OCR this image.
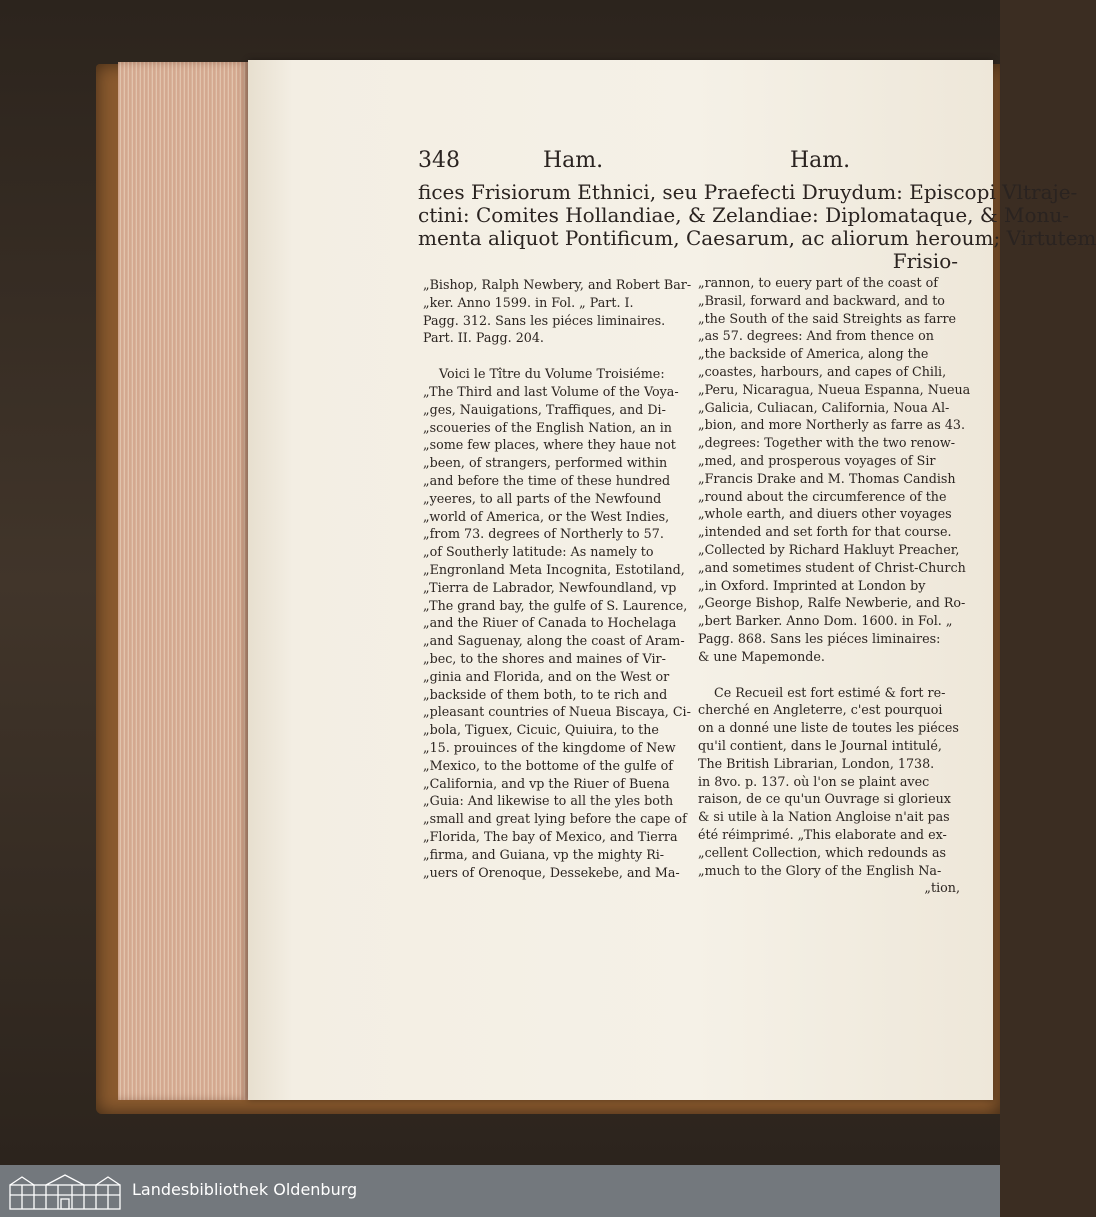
348	Ham.	Ham.
fices Frisiorum Ethnici, seu Praefecti Druydum: Episcopi Vltraje-
ctini: Comites Hollandiae, & Zelandiae: Diplomataque, & Monu-
menta aliquot Pontificum, Caesarum, ac aliorum heroum; Virtutem
Frisio-
„Bishop, Ralph Newbery, and Robert Bar-
„ker. Anno 1599. in Fol. „ Part. I.
Pagg. 312. Sans les piéces liminaires.
Part. II. Pagg. 204.
Voici le Tître du Volume Troisiéme:
„The Third and last Volume of the Voya-
„ges, Nauigations, Traffiques, and Di-
„scoueries of the English Nation, an in
„some few places, where they haue not
„been, of strangers, performed within
„and before the time of these hundred
„yeeres, to all parts of the Newfound
„world of America, or the West Indies,
„from 73. degrees of Northerly to 57.
„of Southerly latitude: As namely to
„Engronland Meta Incognita, Estotiland,
„Tierra de Labrador, Newfoundland, vp
„The grand bay, the gulfe of S. Laurence,
„and the Riuer of Canada to Hochelaga
„and Saguenay, along the coast of Aram-
„bec, to the shores and maines of Vir-
„ginia and Florida, and on the West or
„backside of them both, to te rich and
„pleasant countries of Nueua Biscaya, Ci-
„bola, Tiguex, Cicuic, Quiuira, to the
„15. prouinces of the kingdome of New
„Mexico, to the bottome of the gulfe of
„California, and vp the Riuer of Buena
„Guia: And likewise to all the yles both
„small and great lying before the cape of
„Florida, The bay of Mexico, and Tierra
„firma, and Guiana, vp the mighty Ri-
„uers of Orenoque, Dessekebe, and Ma-
„rannon, to euery part of the coast of
„Brasil, forward and backward, and to
„the South of the said Streights as farre
„as 57. degrees: And from thence on
„the backside of America, along the
„coastes, harbours, and capes of Chili,
„Peru, Nicaragua, Nueua Espanna, Nueua
„Galicia, Culiacan, California, Noua Al-
„bion, and more Northerly as farre as 43.
„degrees: Together with the two renow-
„med, and prosperous voyages of Sir
„Francis Drake and M. Thomas Candish
„round about the circumference of the
„whole earth, and diuers other voyages
„intended and set forth for that course.
„Collected by Richard Hakluyt Preacher,
„and sometimes student of Christ-Church
„in Oxford. Imprinted at London by
„George Bishop, Ralfe Newberie, and Ro-
„bert Barker. Anno Dom. 1600. in Fol. „
Pagg. 868. Sans les piéces liminaires:
& une Mapemonde.
Ce Recueil est fort estimé & fort re-
cherché en Angleterre, c'est pourquoi
on a donné une liste de toutes les piéces
qu'il contient, dans le Journal intitulé,
The British Librarian, London, 1738.
in 8vo. p. 137. où l'on se plaint avec
raison, de ce qu'un Ouvrage si glorieux
& si utile à la Nation Angloise n'ait pas
été réimprimé. „This elaborate and ex-
„cellent Collection, which redounds as
„much to the Glory of the English Na-
„tion,
Landesbibliothek Oldenburg
